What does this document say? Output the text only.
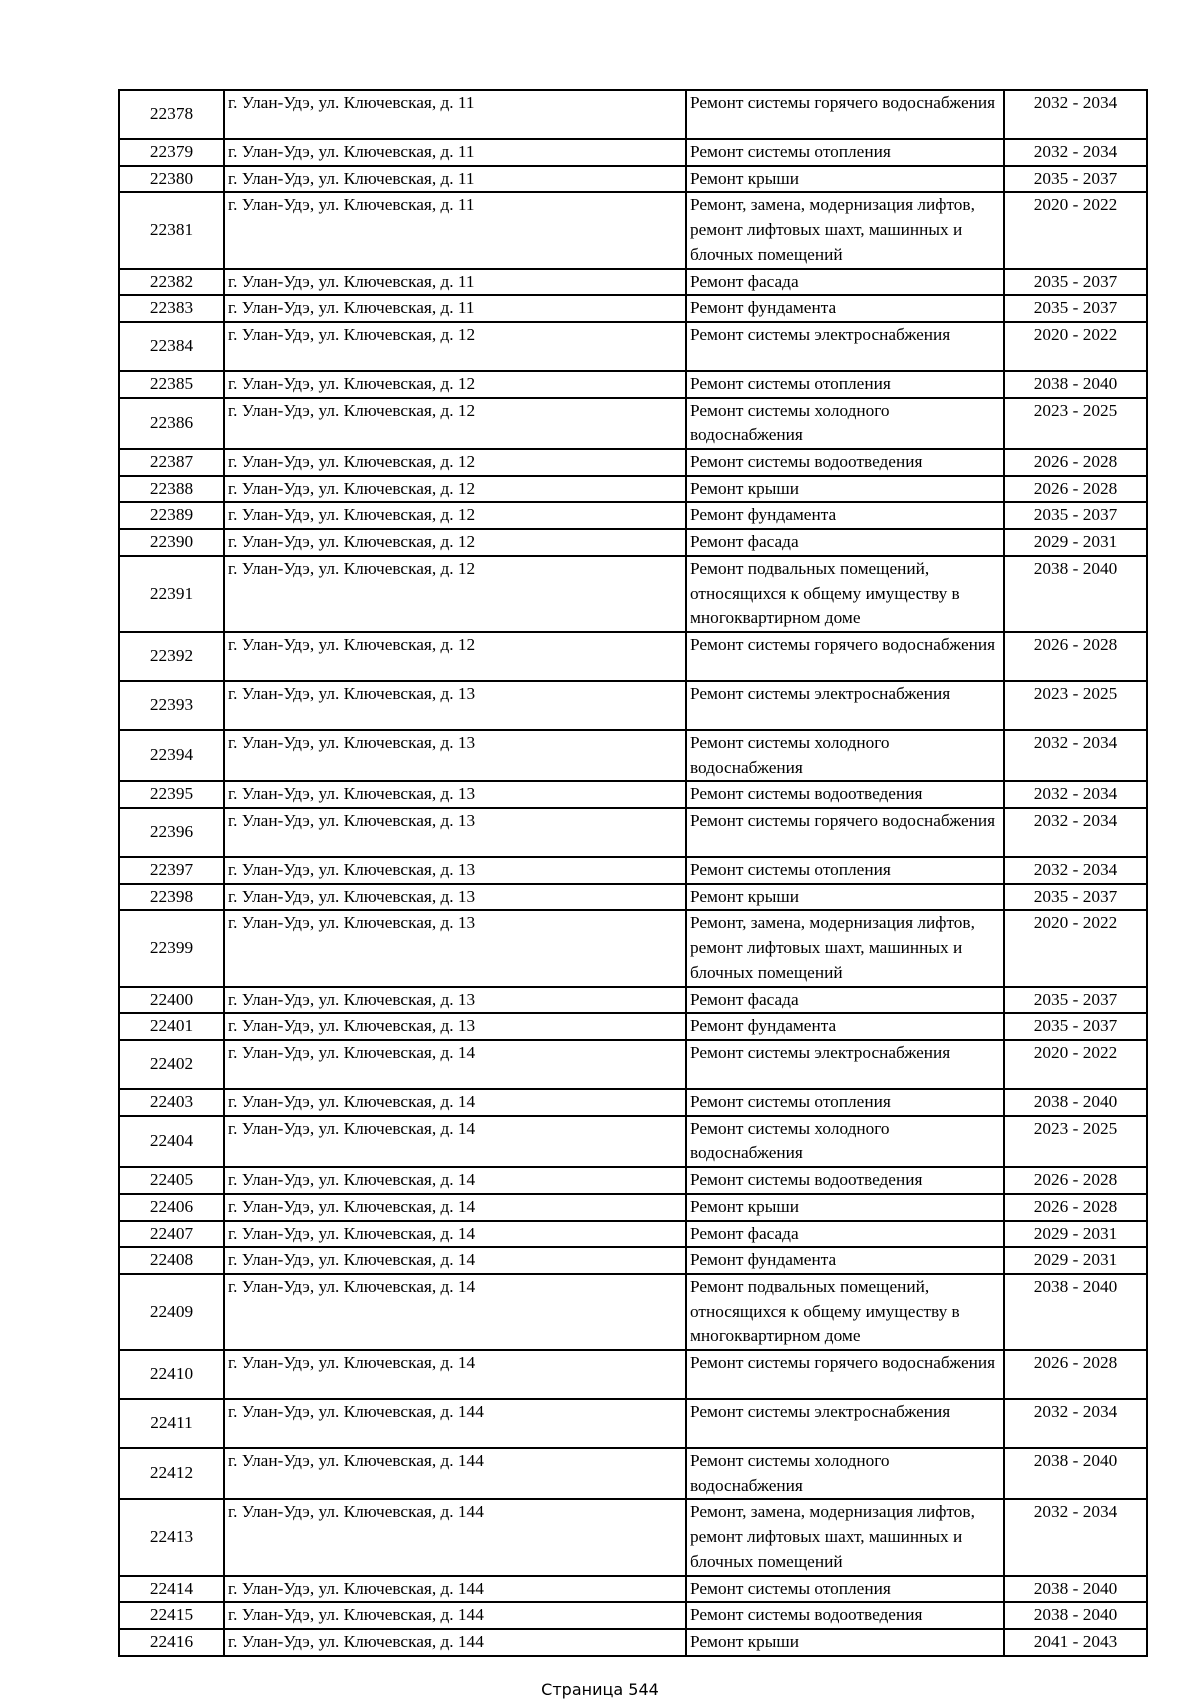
22378	г. Улан-Удэ, ул. Ключевская, д. 11	Ремонт системы горячего водоснабжения	2032 - 2034
22379	г. Улан-Удэ, ул. Ключевская, д. 11	Ремонт системы отопления	2032 - 2034
22380	г. Улан-Удэ, ул. Ключевская, д. 11	Ремонт крыши	2035 - 2037
22381	г. Улан-Удэ, ул. Ключевская, д. 11	Ремонт, замена, модернизация лифтов, ремонт лифтовых шахт, машинных и блочных помещений	2020 - 2022
22382	г. Улан-Удэ, ул. Ключевская, д. 11	Ремонт фасада	2035 - 2037
22383	г. Улан-Удэ, ул. Ключевская, д. 11	Ремонт фундамента	2035 - 2037
22384	г. Улан-Удэ, ул. Ключевская, д. 12	Ремонт системы электроснабжения	2020 - 2022
22385	г. Улан-Удэ, ул. Ключевская, д. 12	Ремонт системы отопления	2038 - 2040
22386	г. Улан-Удэ, ул. Ключевская, д. 12	Ремонт системы холодного водоснабжения	2023 - 2025
22387	г. Улан-Удэ, ул. Ключевская, д. 12	Ремонт системы водоотведения	2026 - 2028
22388	г. Улан-Удэ, ул. Ключевская, д. 12	Ремонт крыши	2026 - 2028
22389	г. Улан-Удэ, ул. Ключевская, д. 12	Ремонт фундамента	2035 - 2037
22390	г. Улан-Удэ, ул. Ключевская, д. 12	Ремонт фасада	2029 - 2031
22391	г. Улан-Удэ, ул. Ключевская, д. 12	Ремонт подвальных помещений, относящихся к общему имуществу в многоквартирном доме	2038 - 2040
22392	г. Улан-Удэ, ул. Ключевская, д. 12	Ремонт системы горячего водоснабжения	2026 - 2028
22393	г. Улан-Удэ, ул. Ключевская, д. 13	Ремонт системы электроснабжения	2023 - 2025
22394	г. Улан-Удэ, ул. Ключевская, д. 13	Ремонт системы холодного водоснабжения	2032 - 2034
22395	г. Улан-Удэ, ул. Ключевская, д. 13	Ремонт системы водоотведения	2032 - 2034
22396	г. Улан-Удэ, ул. Ключевская, д. 13	Ремонт системы горячего водоснабжения	2032 - 2034
22397	г. Улан-Удэ, ул. Ключевская, д. 13	Ремонт системы отопления	2032 - 2034
22398	г. Улан-Удэ, ул. Ключевская, д. 13	Ремонт крыши	2035 - 2037
22399	г. Улан-Удэ, ул. Ключевская, д. 13	Ремонт, замена, модернизация лифтов, ремонт лифтовых шахт, машинных и блочных помещений	2020 - 2022
22400	г. Улан-Удэ, ул. Ключевская, д. 13	Ремонт фасада	2035 - 2037
22401	г. Улан-Удэ, ул. Ключевская, д. 13	Ремонт фундамента	2035 - 2037
22402	г. Улан-Удэ, ул. Ключевская, д. 14	Ремонт системы электроснабжения	2020 - 2022
22403	г. Улан-Удэ, ул. Ключевская, д. 14	Ремонт системы отопления	2038 - 2040
22404	г. Улан-Удэ, ул. Ключевская, д. 14	Ремонт системы холодного водоснабжения	2023 - 2025
22405	г. Улан-Удэ, ул. Ключевская, д. 14	Ремонт системы водоотведения	2026 - 2028
22406	г. Улан-Удэ, ул. Ключевская, д. 14	Ремонт крыши	2026 - 2028
22407	г. Улан-Удэ, ул. Ключевская, д. 14	Ремонт фасада	2029 - 2031
22408	г. Улан-Удэ, ул. Ключевская, д. 14	Ремонт фундамента	2029 - 2031
22409	г. Улан-Удэ, ул. Ключевская, д. 14	Ремонт подвальных помещений, относящихся к общему имуществу в многоквартирном доме	2038 - 2040
22410	г. Улан-Удэ, ул. Ключевская, д. 14	Ремонт системы горячего водоснабжения	2026 - 2028
22411	г. Улан-Удэ, ул. Ключевская, д. 144	Ремонт системы электроснабжения	2032 - 2034
22412	г. Улан-Удэ, ул. Ключевская, д. 144	Ремонт системы холодного водоснабжения	2038 - 2040
22413	г. Улан-Удэ, ул. Ключевская, д. 144	Ремонт, замена, модернизация лифтов, ремонт лифтовых шахт, машинных и блочных помещений	2032 - 2034
22414	г. Улан-Удэ, ул. Ключевская, д. 144	Ремонт системы отопления	2038 - 2040
22415	г. Улан-Удэ, ул. Ключевская, д. 144	Ремонт системы водоотведения	2038 - 2040
22416	г. Улан-Удэ, ул. Ключевская, д. 144	Ремонт крыши	2041 - 2043
Страница 544
